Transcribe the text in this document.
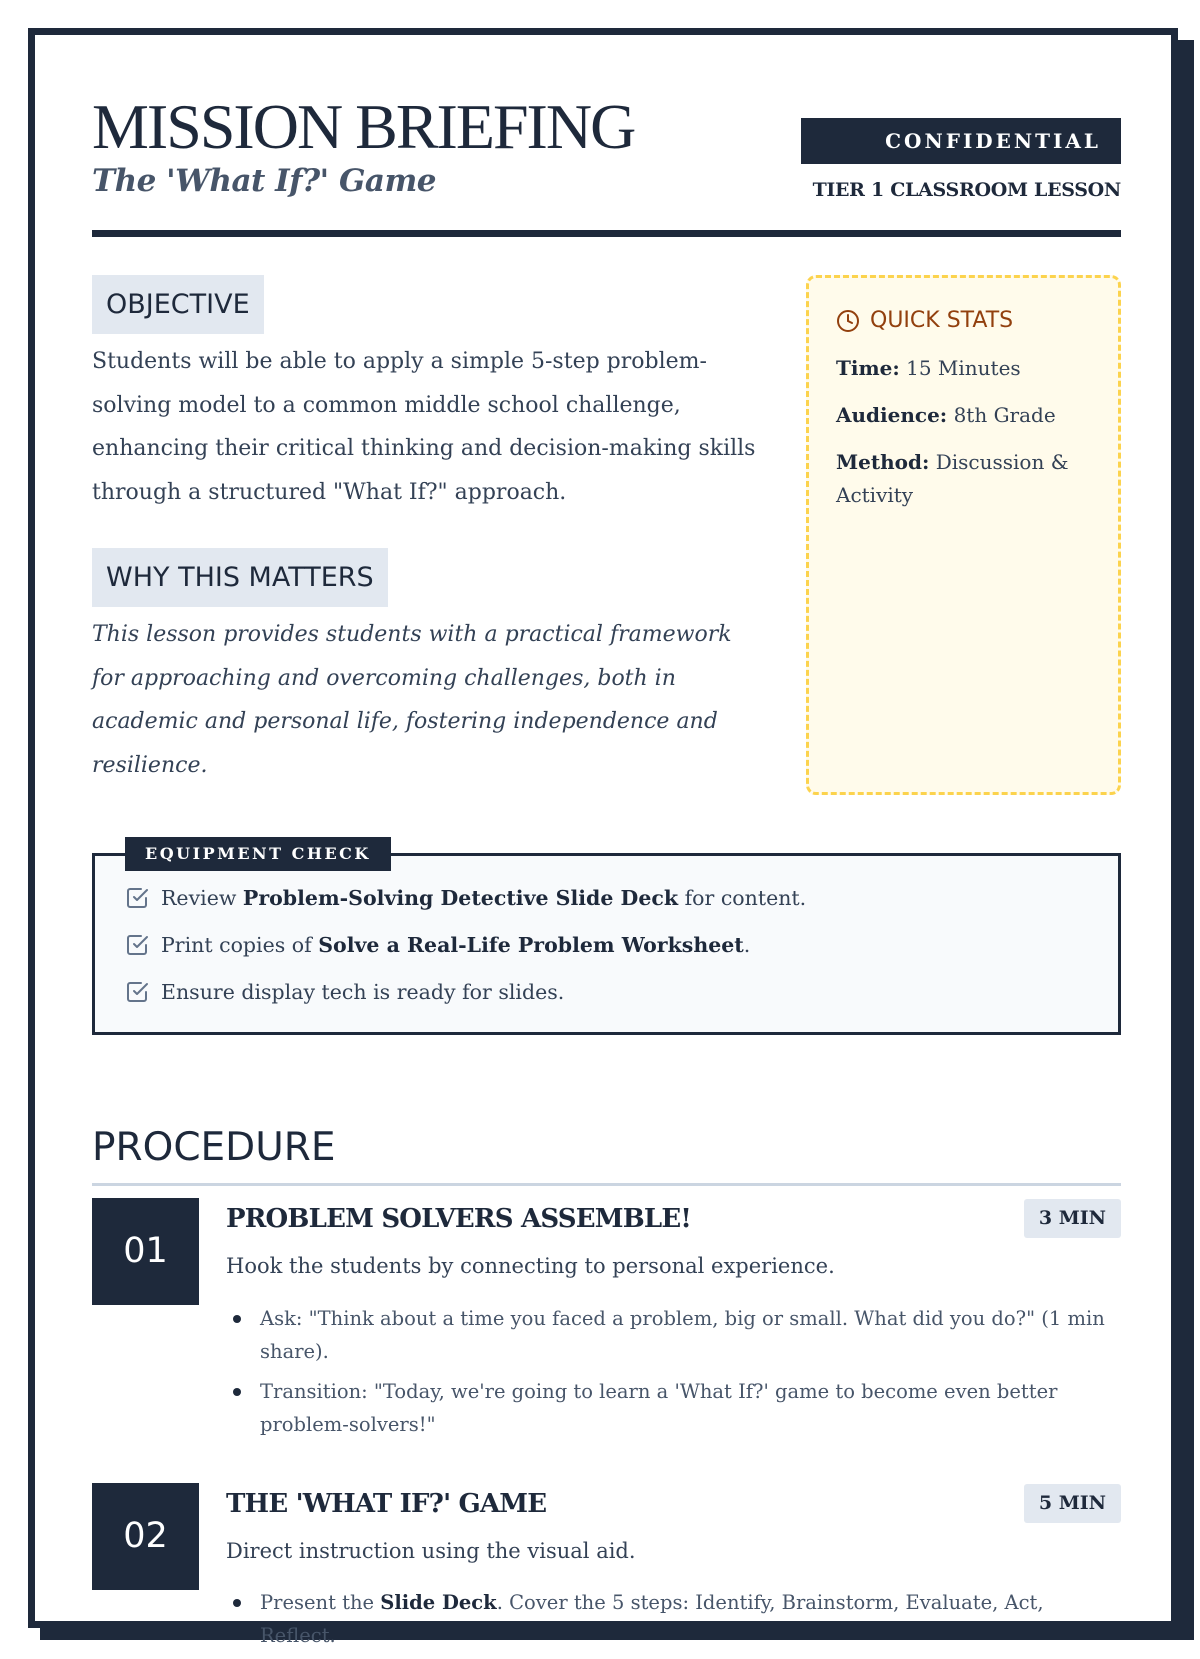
MISSION BRIEFING
The 'What If?' Game
CONFIDENTIAL
TIER 1 CLASSROOM LESSON
OBJECTIVE

Students will be able to apply a simple 5-step problem-solving model to a common middle school challenge, enhancing their critical thinking and decision-making skills through a structured "What If?" approach.

WHY THIS MATTERS

This lesson provides students with a practical framework for approaching and overcoming challenges, both in academic and personal life, fostering independence and resilience.

QUICK STATS
Time: 15 Minutes
Audience: 8th Grade
Method: Discussion & Activity
EQUIPMENT CHECK
Review Problem-Solving Detective Slide Deck for content.
Print copies of Solve a Real-Life Problem Worksheet.
Ensure display tech is ready for slides.
PROCEDURE
01
PROBLEM SOLVERS ASSEMBLE!	3 MIN
Hook the students by connecting to personal experience.
Ask: "Think about a time you faced a problem, big or small. What did you do?" (1 min share).
Transition: "Today, we're going to learn a 'What If?' game to become even better problem-solvers!"
02
THE 'WHAT IF?' GAME	5 MIN
Direct instruction using the visual aid.
Present the Slide Deck. Cover the 5 steps: Identify, Brainstorm, Evaluate, Act, Reflect.
